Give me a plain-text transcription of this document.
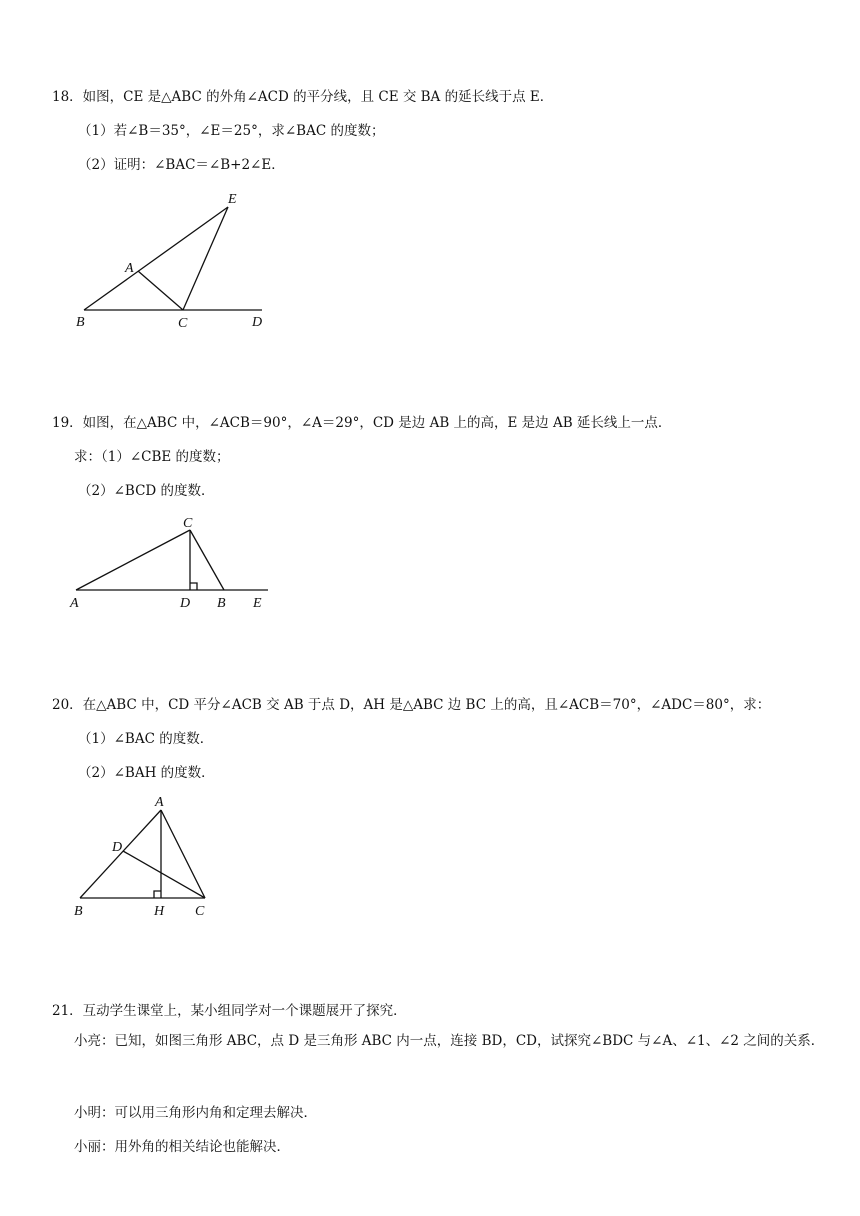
18．如图，CE 是△ABC 的外角∠ACD 的平分线，且 CE 交 BA 的延长线于点 E．
（1）若∠B＝35°，∠E＝25°，求∠BAC 的度数；
（2）证明：∠BAC＝∠B+2∠E．
E
A
B	C	D
19．如图，在△ABC 中，∠ACB＝90°，∠A＝29°，CD 是边 AB 上的高，E 是边 AB 延长线上一点．
求：（1）∠CBE 的度数；
（2）∠BCD 的度数．
C
A	D B E
20．在△ABC 中，CD 平分∠ACB 交 AB 于点 D，AH 是△ABC 边 BC 上的高，且∠ACB＝70°，∠ADC＝80°，求：
（1）∠BAC 的度数．
（2）∠BAH 的度数．
A
D
B	H C
21．互动学生课堂上，某小组同学对一个课题展开了探究．
小亮：已知，如图三角形 ABC，点 D 是三角形 ABC 内一点，连接 BD，CD，试探究∠BDC 与∠A、∠1、∠2 之间的关系．
小明：可以用三角形内角和定理去解决．
小丽：用外角的相关结论也能解决．
